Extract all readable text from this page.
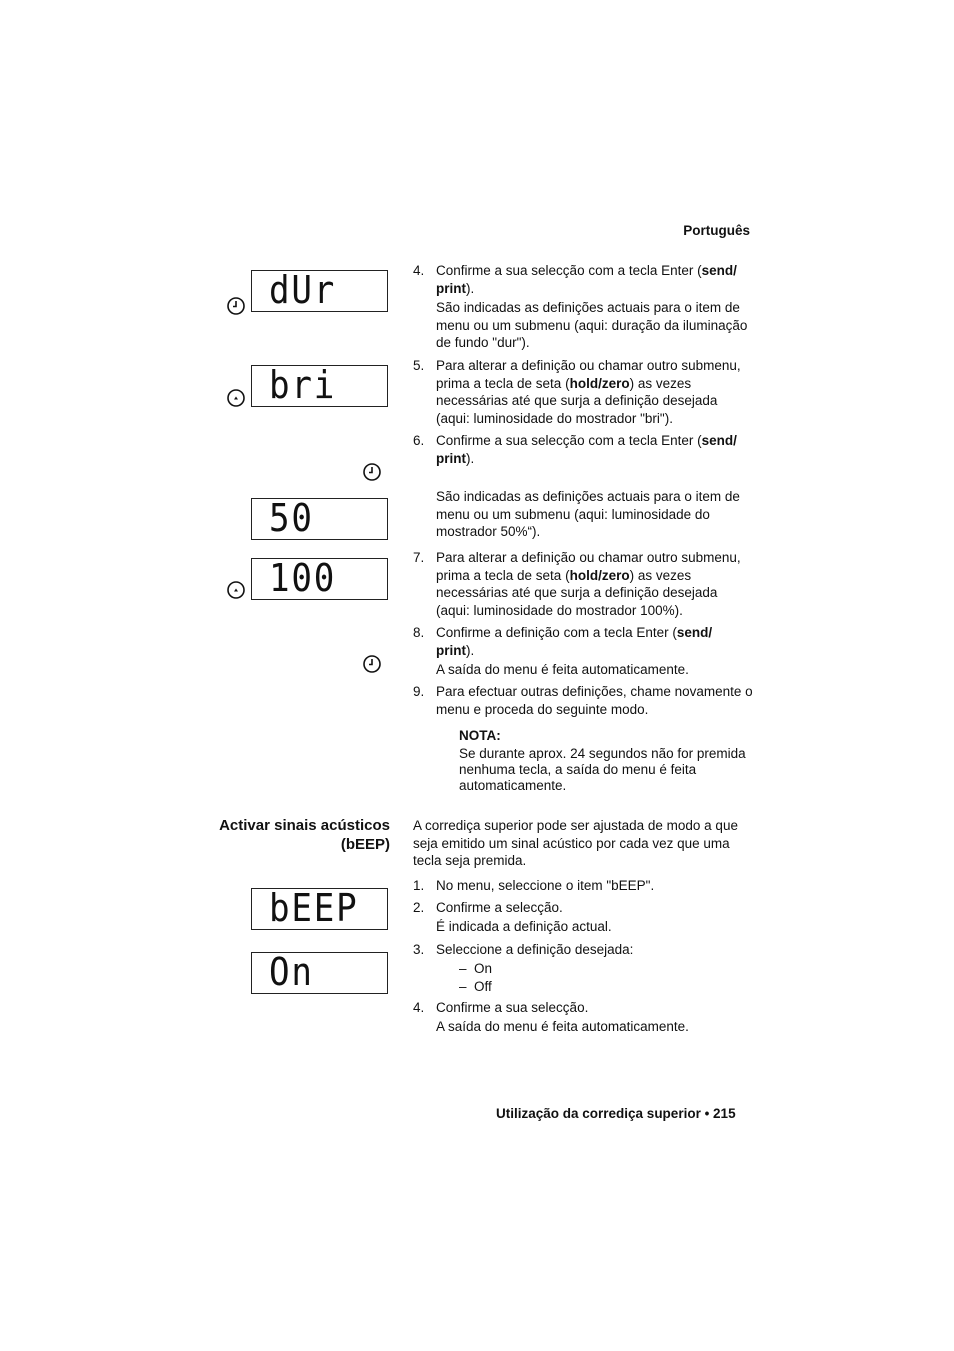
Português
dUr
bri
50
100
bEEP
On
4. Confirme a sua selecção com a tecla Enter (send/
print).
São indicadas as definições actuais para o item de menu ou um submenu (aqui: duração da iluminação de fundo "dur").
5. Para alterar a definição ou chamar outro submenu, prima a tecla de seta (hold/zero) as vezes necessárias até que surja a definição desejada (aqui: luminosidade do mostrador "bri").
6. Confirme a sua selecção com a tecla Enter (send/ print).
São indicadas as definições actuais para o item de menu ou um submenu (aqui: luminosidade do mostrador 50%“).
7. Para alterar a definição ou chamar outro submenu, prima a tecla de seta (hold/zero) as vezes necessárias até que surja a definição desejada (aqui: luminosidade do mostrador 100%).
8. Confirme a definição com a tecla Enter (send/ print).
A saída do menu é feita automaticamente.
9. Para efectuar outras definições, chame novamente o menu e proceda do seguinte modo.
NOTA:
Se durante aprox. 24 segundos não for premida nenhuma tecla, a saída do menu é feita automaticamente.
Activar sinais acústicos (bEEP)
A corrediça superior pode ser ajustada de modo a que seja emitido um sinal acústico por cada vez que uma tecla seja premida.
1. No menu, seleccione o item "bEEP".
2. Confirme a selecção.
É indicada a definição actual.
3. Seleccione a definição desejada:
–  On
–  Off
4. Confirme a sua selecção.
A saída do menu é feita automaticamente.
Utilização da corrediça superior • 215
